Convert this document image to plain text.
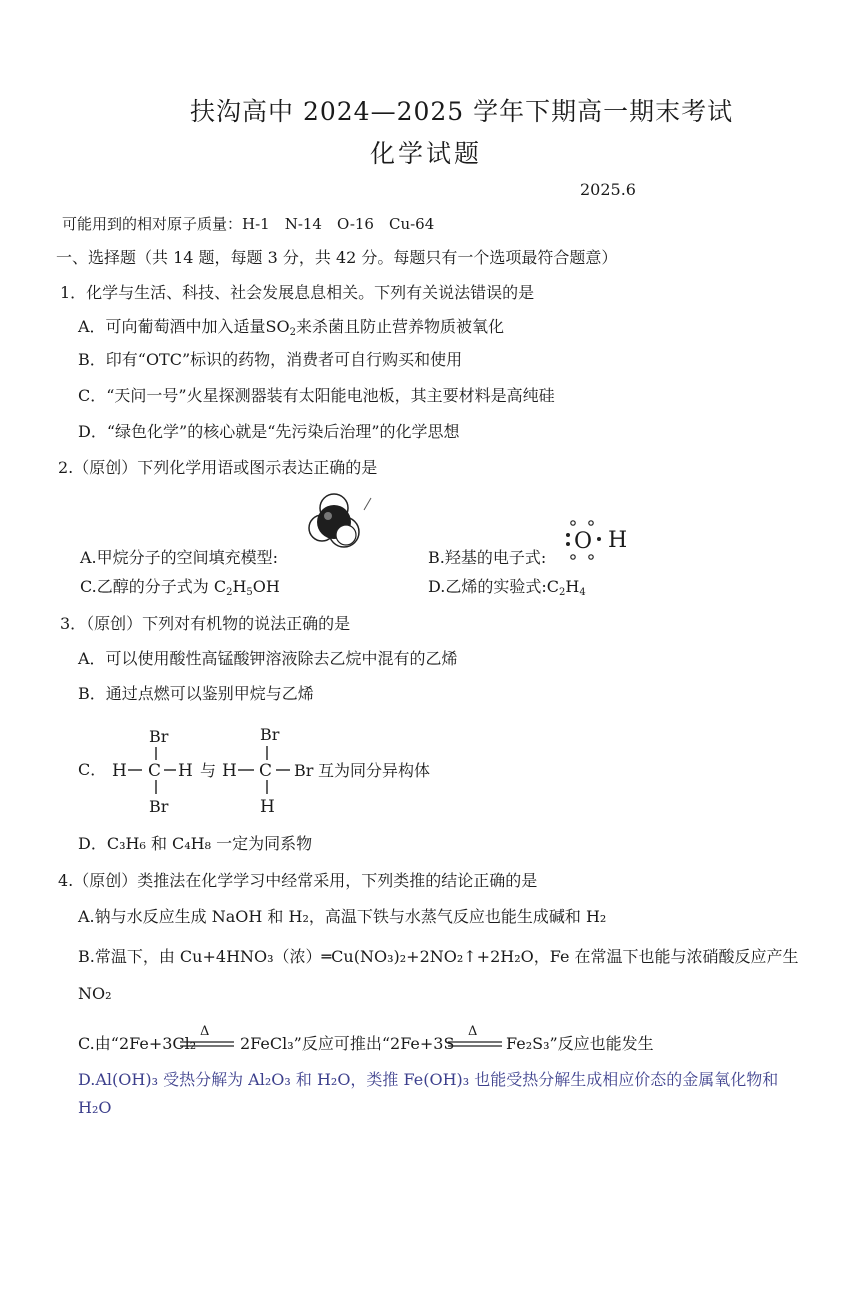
扶沟高中 2024—2025 学年下期高一期末考试
化学试题
2025.6
可能用到的相对原子质量：H-1　N-14　O-16　Cu-64
一、选择题（共 14 题，每题 3 分，共 42 分。每题只有一个选项最符合题意）
1．化学与生活、科技、社会发展息息相关。下列有关说法错误的是
A．可向葡萄酒中加入适量$SO_2$来杀菌且防止营养物质被氧化
B．印有“OTC”标识的药物，消费者可自行购买和使用
C．“天问一号”火星探测器装有太阳能电池板，其主要材料是高纯硅
D．“绿色化学”的核心就是“先污染后治理”的化学思想
2.（原创）下列化学用语或图示表达正确的是
A.甲烷分子的空间填充模型:	B.羟基的电子式:
O H
C.乙醇的分子式为 $C_2H_5OH$	D.乙烯的实验式$:C_2H_4$
3．（原创）下列对有机物的说法正确的是
A．可以使用酸性高锰酸钾溶液除去乙烷中混有的乙烯
B．通过点燃可以鉴别甲烷与乙烯
C．
Br
H C H
Br
与
Br
H C Br
H
互为同分异构体
D．C₃H₆ 和 C₄H₈ 一定为同系物
4.（原创）类推法在化学学习中经常采用，下列类推的结论正确的是
A.钠与水反应生成 NaOH 和 H₂，高温下铁与水蒸气反应也能生成碱和 H₂
B.常温下，由 Cu+4HNO₃（浓）═Cu(NO₃)₂+2NO₂↑+2H₂O，Fe 在常温下也能与浓硝酸反应产生
NO₂
C.由“2Fe+3Cl₂
Δ
2FeCl₃”反应可推出“2Fe+3S
Δ
Fe₂S₃”反应也能发生
D.Al(OH)₃ 受热分解为 Al₂O₃ 和 H₂O，类推 Fe(OH)₃ 也能受热分解生成相应价态的金属氧化物和
H₂O
